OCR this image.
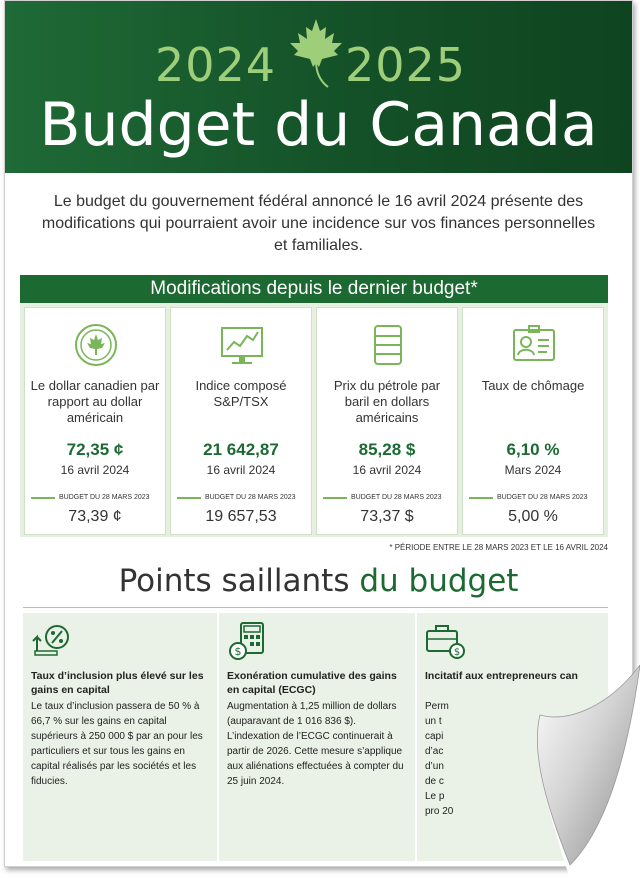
2024 2025
Budget du Canada
Le budget du gouvernement fédéral annoncé le 16 avril 2024 présente des modifications qui pourraient avoir une incidence sur vos finances personnelles et familiales.
Modifications depuis le dernier budget*
Le dollar canadien par rapport au dollar américain
72,35 ¢
16 avril 2024
BUDGET DU 28 MARS 2023
73,39 ¢
Indice composé S&P/TSX
21 642,87
16 avril 2024
BUDGET DU 28 MARS 2023
19 657,53
Prix du pétrole par baril en dollars américains
85,28 $
16 avril 2024
BUDGET DU 28 MARS 2023
73,37 $
Taux de chômage
6,10 %
Mars 2024
BUDGET DU 28 MARS 2023
5,00 %
* PÉRIODE ENTRE LE 28 MARS 2023 ET LE 16 AVRIL 2024
Points saillants du budget
Taux d’inclusion plus élevé sur les gains en capital
Le taux d’inclusion passera de 50 % à 66,7 % sur les gains en capital supérieurs à 250 000 $ par an pour les particuliers et sur tous les gains en capital réalisés par les sociétés et les fiducies.
$
Exonération cumulative des gains en capital (ECGC)
Augmentation à 1,25 million de dollars (auparavant de 1 016 836 $). L’indexation de l’ECGC continuerait à partir de 2026. Cette mesure s’applique aux aliénations effectuées à compter du 25 juin 2024.
$
Incitatif aux entrepreneurs can
Perm un t capi d’ac d’un de c Le p pro 20
